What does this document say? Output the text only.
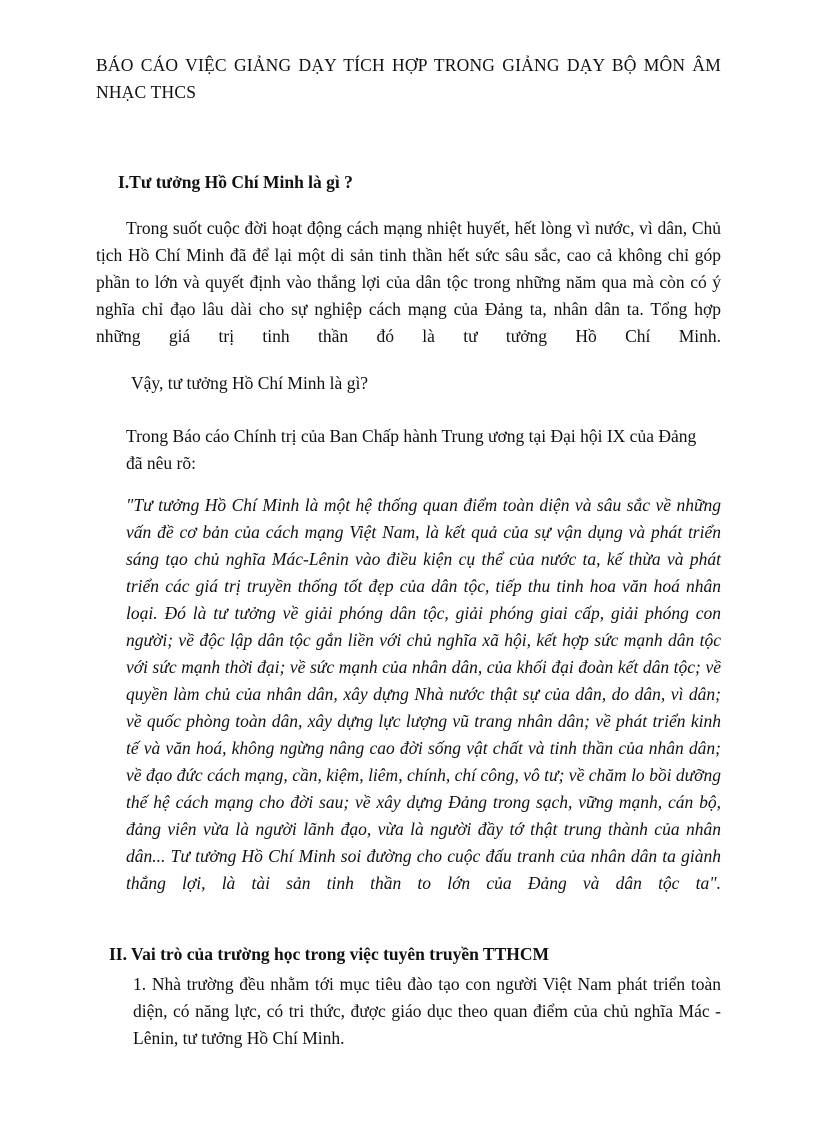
BÁO CÁO VIỆC GIẢNG DẠY TÍCH HỢP TRONG GIẢNG DẠY BỘ MÔN ÂM NHẠC THCS
I.Tư tưởng Hồ Chí Minh là gì ?
Trong suốt cuộc đời hoạt động cách mạng nhiệt huyết, hết lòng vì nước, vì dân, Chủ tịch Hồ Chí Minh đã để lại một di sản tinh thần hết sức sâu sắc, cao cả không chỉ góp phần to lớn và quyết định vào thắng lợi của dân tộc trong những năm qua mà còn có ý nghĩa chỉ đạo lâu dài cho sự nghiệp cách mạng của Đảng ta, nhân dân ta. Tổng hợp những giá trị tinh thần đó là tư tưởng Hồ Chí Minh.
Vậy, tư tưởng Hồ Chí Minh là gì?
Trong Báo cáo Chính trị của Ban Chấp hành Trung ương tại Đại hội IX của Đảng đã nêu rõ:
"Tư tưởng Hồ Chí Minh là một hệ thống quan điểm toàn diện và sâu sắc về những vấn đề cơ bản của cách mạng Việt Nam, là kết quả của sự vận dụng và phát triển sáng tạo chủ nghĩa Mác-Lênin vào điều kiện cụ thể của nước ta, kế thừa và phát triển các giá trị truyền thống tốt đẹp của dân tộc, tiếp thu tinh hoa văn hoá nhân loại. Đó là tư tưởng về giải phóng dân tộc, giải phóng giai cấp, giải phóng con người; về độc lập dân tộc gắn liền với chủ nghĩa xã hội, kết hợp sức mạnh dân tộc với sức mạnh thời đại; về sức mạnh của nhân dân, của khối đại đoàn kết dân tộc; về quyền làm chủ của nhân dân, xây dựng Nhà nước thật sự của dân, do dân, vì dân; về quốc phòng toàn dân, xây dựng lực lượng vũ trang nhân dân; về phát triển kinh tế và văn hoá, không ngừng nâng cao đời sống vật chất và tinh thần của nhân dân; về đạo đức cách mạng, cần, kiệm, liêm, chính, chí công, vô tư; về chăm lo bồi dưỡng thế hệ cách mạng cho đời sau; về xây dựng Đảng trong sạch, vững mạnh, cán bộ, đảng viên vừa là người lãnh đạo, vừa là người đầy tớ thật trung thành của nhân dân... Tư tưởng Hồ Chí Minh soi đường cho cuộc đấu tranh của nhân dân ta giành thắng lợi, là tài sản tinh thần to lớn của Đảng và dân tộc ta".
II. Vai trò của trường học trong việc tuyên truyền TTHCM
1. Nhà trường đều nhằm tới mục tiêu đào tạo con người Việt Nam phát triển toàn diện, có năng lực, có tri thức, được giáo dục theo quan điểm của chủ nghĩa Mác - Lênin, tư tưởng Hồ Chí Minh.
